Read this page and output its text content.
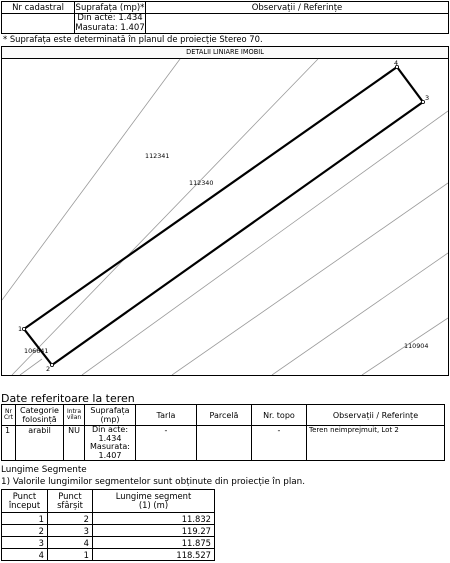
Nr cadastral	Suprafața (mp)*	Observații / Referințe

	Din acte: 1.434
Masurata: 1.407	

* Suprafața este determinată în planul de proiecție Stereo 70.
DETALII LINIARE IMOBIL
1
2
3
4
112341
112340
106641
110904
Date referitoare la teren
Nr Crt	Categorie folosință	Intra vilan	Suprafața (mp)	Tarla	Parcelă	Nr. topo	Observații / Referințe
1	arabil	NU	Din acte:
1.434
Masurata:
1.407	-		-	Teren neimprejmuit, Lot 2
Lungime Segmente
1) Valorile lungimilor segmentelor sunt obținute din proiecție în plan.
Punct început	Punct sfârșit	Lungime segment
(1) (m)

1	2	11.832
2	3	119.27
3	4	11.875
4	1	118.527
